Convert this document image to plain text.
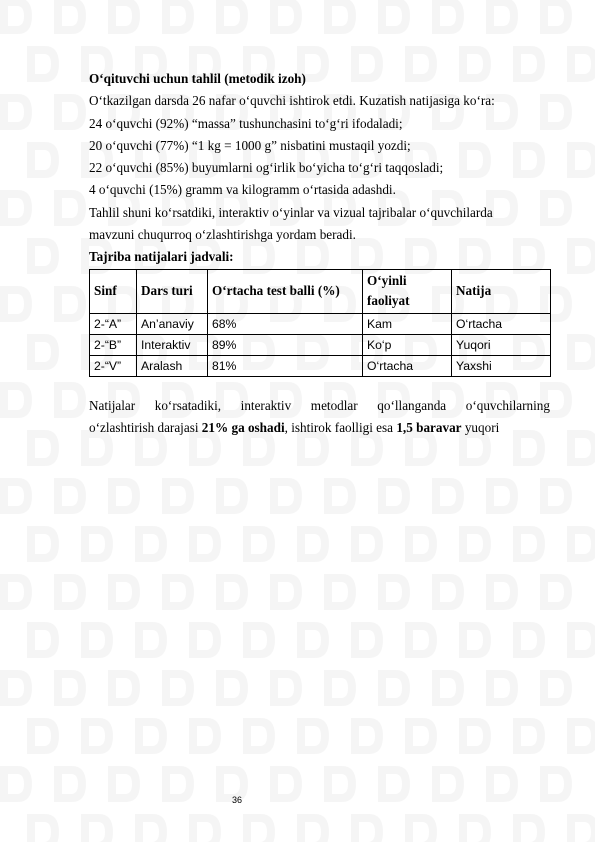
O‘qituvchi uchun tahlil (metodik izoh)
O‘tkazilgan darsda 26 nafar o‘quvchi ishtirok etdi. Kuzatish natijasiga ko‘ra:
24 o‘quvchi (92%) “massa” tushunchasini to‘g‘ri ifodaladi;
20 o‘quvchi (77%) “1 kg = 1000 g” nisbatini mustaqil yozdi;
22 o‘quvchi (85%) buyumlarni og‘irlik bo‘yicha to‘g‘ri taqqosladi;
4 o‘quvchi (15%) gramm va kilogramm o‘rtasida adashdi.
Tahlil shuni ko‘rsatdiki, interaktiv o‘yinlar va vizual tajribalar o‘quvchilarda
mavzuni chuqurroq o‘zlashtirishga yordam beradi.
Tajriba natijalari jadvali:
Sinf	Dars turi	O‘rtacha test balli (%)	O‘yinli
faoliyat	Natija
2-“A”	An’anaviy	68%	Kam	O‘rtacha
2-“B”	Interaktiv	89%	Ko‘p	Yuqori
2-“V”	Aralash	81%	O‘rtacha	Yaxshi
Natijalar ko‘rsatadiki, interaktiv metodlar qo‘llanganda o‘quvchilarning
o‘zlashtirish darajasi 21% ga oshadi, ishtirok faolligi esa 1,5 baravar yuqori
36
